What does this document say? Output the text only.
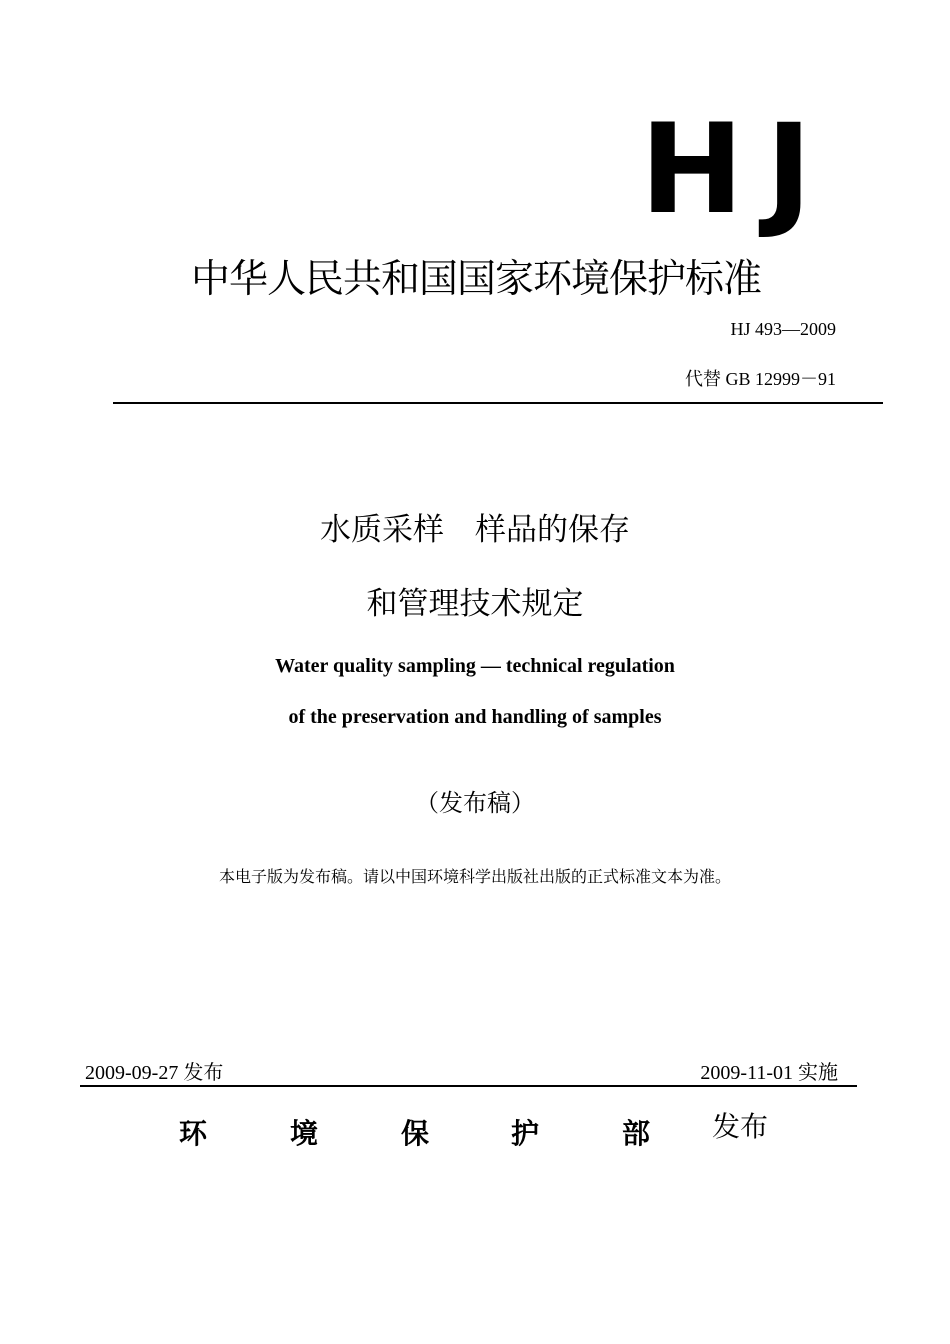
HJ
中华人民共和国国家环境保护标准
HJ 493—2009
代替 GB 12999－91
水质采样　样品的保存
和管理技术规定
Water quality sampling — technical regulation
of the preservation and handling of samples
（发布稿）
本电子版为发布稿。请以中国环境科学出版社出版的正式标准文本为准。
2009-09-27 发布	2009-11-01 实施
环	境	保	护	部	发布
